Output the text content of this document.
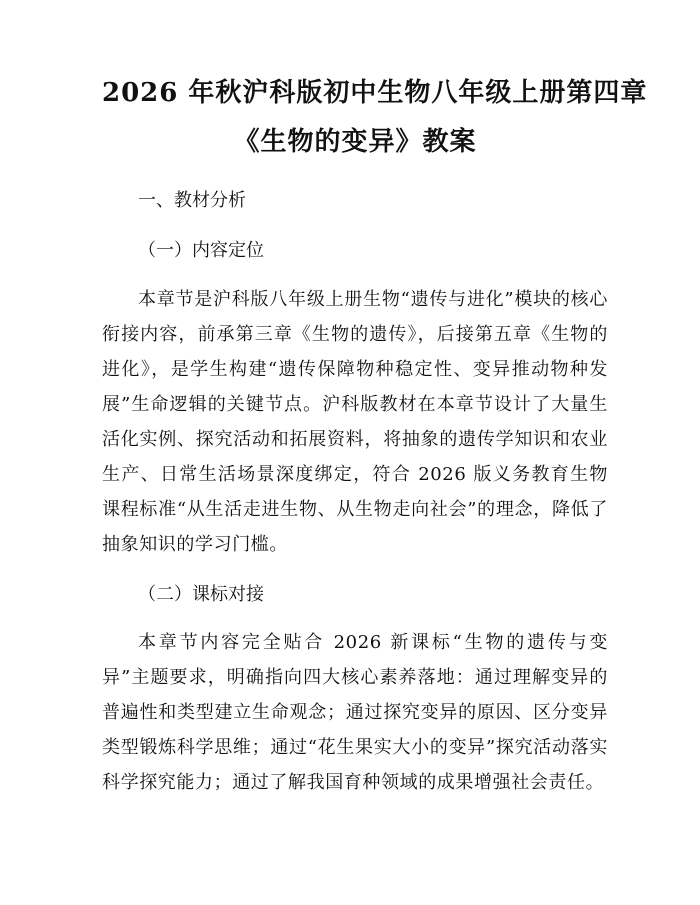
2026 年秋沪科版初中生物八年级上册第四章
《生物的变异》教案
一、教材分析
（一）内容定位

本章节是沪科版八年级上册生物“遗传与进化”模块的核心衔接内容，前承第三章《生物的遗传》，后接第五章《生物的进化》，是学生构建“遗传保障物种稳定性、变异推动物种发展”生命逻辑的关键节点。沪科版教材在本章节设计了大量生活化实例、探究活动和拓展资料，将抽象的遗传学知识和农业生产、日常生活场景深度绑定，符合 2026 版义务教育生物课程标准“从生活走进生物、从生物走向社会”的理念，降低了抽象知识的学习门槛。

（二）课标对接

本章节内容完全贴合 2026 新课标“生物的遗传与变异”主题要求，明确指向四大核心素养落地：通过理解变异的普遍性和类型建立生命观念；通过探究变异的原因、区分变异类型锻炼科学思维；通过“花生果实大小的变异”探究活动落实科学探究能力；通过了解我国育种领域的成果增强社会责任。
